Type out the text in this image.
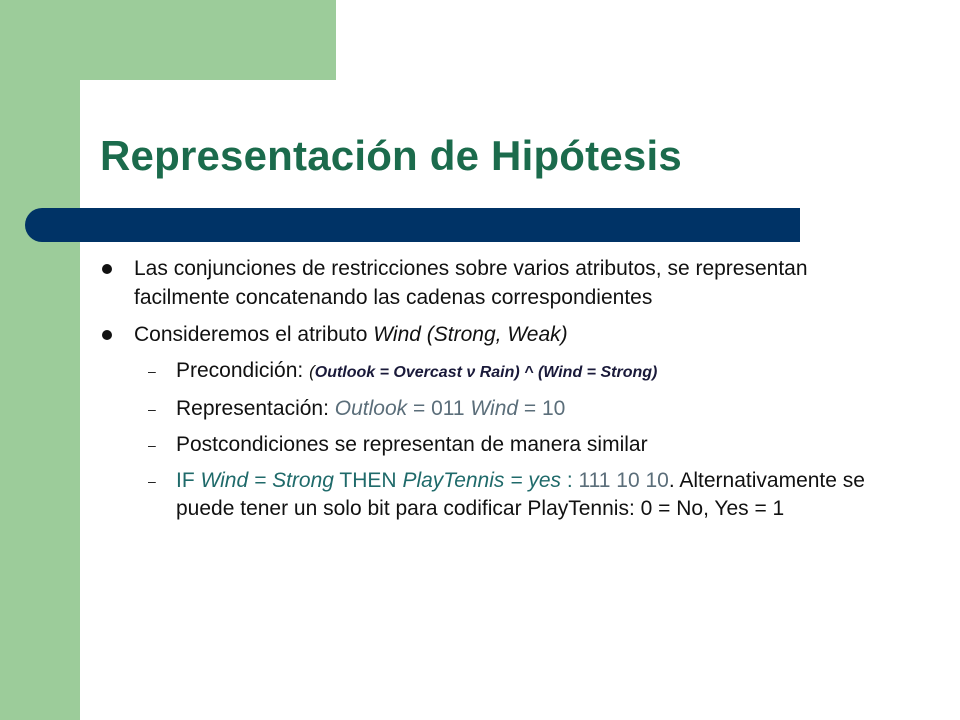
Representación de Hipótesis
Las conjunciones de restricciones sobre varios atributos, se representan facilmente concatenando las cadenas correspondientes
Consideremos el atributo Wind (Strong, Weak)
– Precondición: (Outlook = Overcast ν Rain) ^ (Wind = Strong)
– Representación: Outlook = 011 Wind = 10
– Postcondiciones se representan de manera similar
– IF Wind = Strong THEN PlayTennis = yes : 111 10 10. Alternativamente se puede tener un solo bit para codificar PlayTennis: 0 = No, Yes = 1
